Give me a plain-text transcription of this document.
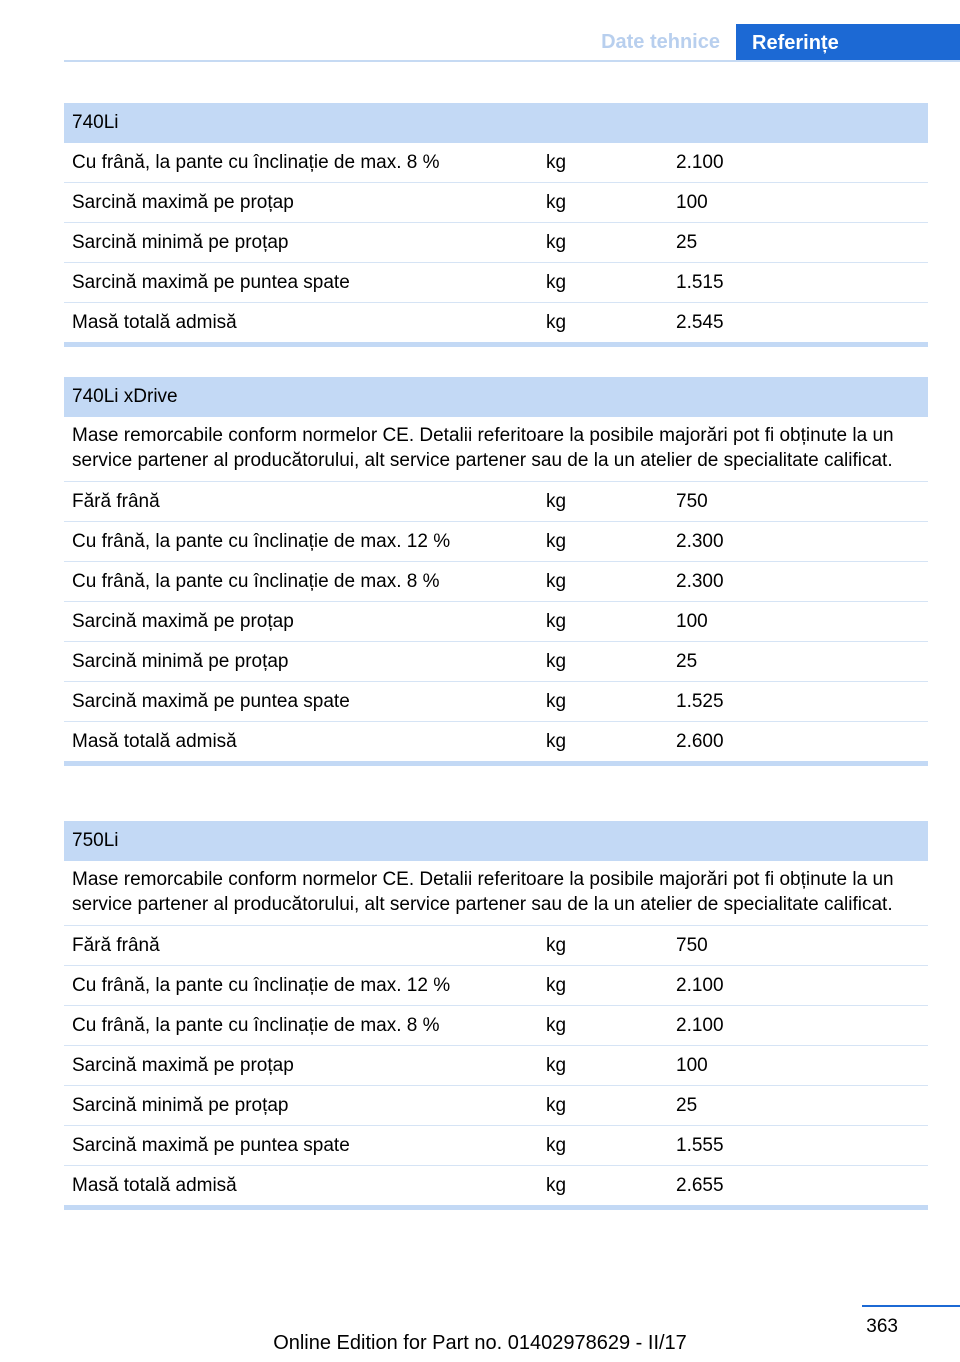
Date tehnice	Referințe
740Li
Cu frână, la pante cu înclinație de max. 8 %	kg	2.100
Sarcină maximă pe proțap	kg	100
Sarcină minimă pe proțap	kg	25
Sarcină maximă pe puntea spate	kg	1.515
Masă totală admisă	kg	2.545
740Li xDrive
Mase remorcabile conform normelor CE. Detalii referitoare la posibile majorări pot fi obținute la un service partener al producătorului, alt service partener sau de la un atelier de specialitate calificat.
Fără frână	kg	750
Cu frână, la pante cu înclinație de max. 12 %	kg	2.300
Cu frână, la pante cu înclinație de max. 8 %	kg	2.300
Sarcină maximă pe proțap	kg	100
Sarcină minimă pe proțap	kg	25
Sarcină maximă pe puntea spate	kg	1.525
Masă totală admisă	kg	2.600
750Li
Mase remorcabile conform normelor CE. Detalii referitoare la posibile majorări pot fi obținute la un service partener al producătorului, alt service partener sau de la un atelier de specialitate calificat.
Fără frână	kg	750
Cu frână, la pante cu înclinație de max. 12 %	kg	2.100
Cu frână, la pante cu înclinație de max. 8 %	kg	2.100
Sarcină maximă pe proțap	kg	100
Sarcină minimă pe proțap	kg	25
Sarcină maximă pe puntea spate	kg	1.555
Masă totală admisă	kg	2.655
363
Online Edition for Part no. 01402978629 - II/17
